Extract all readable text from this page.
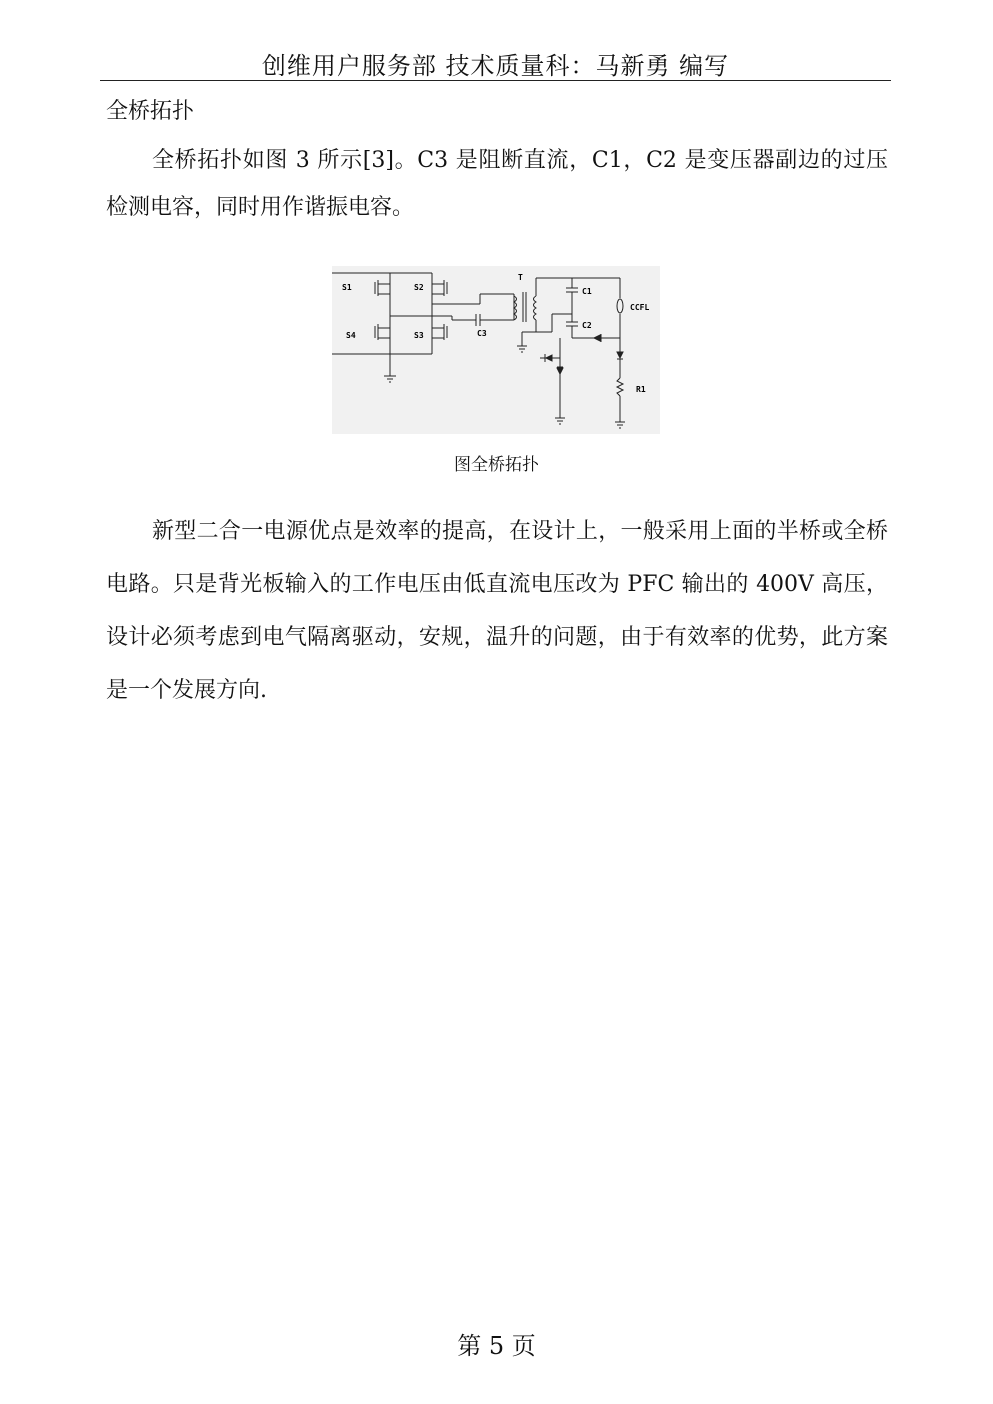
创维用户服务部 技术质量科：马新勇 编写
全桥拓扑

全桥拓扑如图 3 所示[3]。C3 是阻断直流，C1，C2 是变压器副边的过压检测电容，同时用作谐振电容。

S1	S2
S3
S4	C3
T
C1
C2
CCFL
R1
图全桥拓扑

新型二合一电源优点是效率的提高，在设计上，一般采用上面的半桥或全桥电路。只是背光板输入的工作电压由低直流电压改为 PFC 输出的 400V 高压，设计必须考虑到电气隔离驱动，安规，温升的问题，由于有效率的优势，此方案是一个发展方向.

第 5 页
